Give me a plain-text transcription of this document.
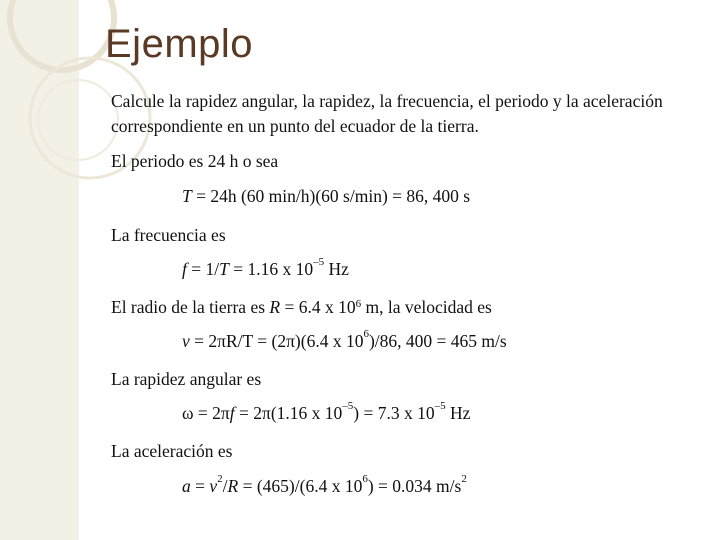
Ejemplo

Calcule la rapidez angular, la rapidez, la frecuencia, el periodo y la aceleración correspondiente en un punto del ecuador de la tierra.

El periodo es 24 h o sea

T = 24h (60 min/h)(60 s/min) = 86, 400 s

La frecuencia es

f = 1/T = 1.16 x $10^{-5}$ Hz

El radio de la tierra es R = 6.4 x $10^6$ m, la velocidad es

v = 2πR/T = (2π)(6.4 x $10^6)/86$, 400 = 465 m/s

La rapidez angular es

ω = 2πf = 2π(1.16 x $10^{-5}) = 7.3$ x $10^{-5}$ Hz

La aceleración es

$a = v^2/R = (465)/(6.4$ x $10^6) = 0.034$ $m/s^2$
